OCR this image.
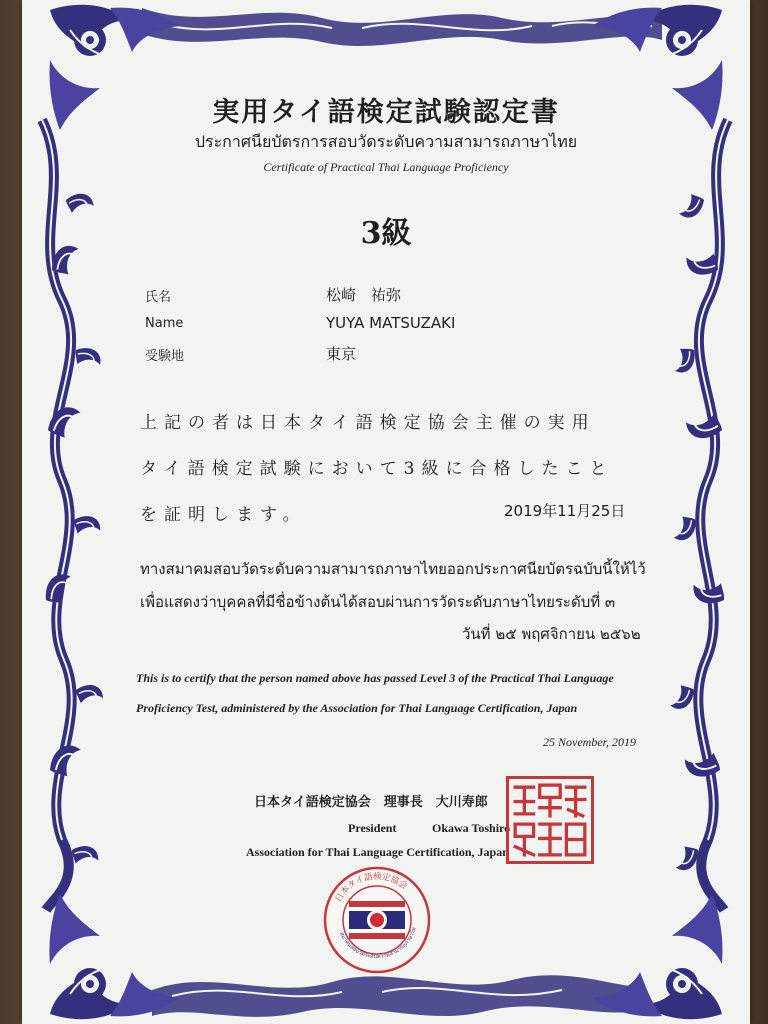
実用タイ語検定試験認定書
ประกาศนียบัตรการสอบวัดระดับความสามารถภาษาไทย
Certificate of Practical Thai Language Proficiency
3級
氏名	松崎　祐弥
Name	YUYA MATSUZAKI
受験地	東京
上記の者は日本タイ語検定協会主催の実用
タイ語検定試験において3級に合格したこと
を証明します。	2019年11月25日
ทางสมาคมสอบวัดระดับความสามารถภาษาไทยออกประกาศนียบัตรฉบับนี้ให้ไว้
เพื่อแสดงว่าบุคคลที่มีชื่อข้างต้นได้สอบผ่านการวัดระดับภาษาไทยระดับที่ ๓
วันที่ ๒๕ พฤศจิกายน ๒๕๖๒
This is to certify that the person named above has passed Level 3 of the Practical Thai Language
Proficiency Test, administered by the Association for Thai Language Certification, Japan
25 November, 2019
日本タイ語検定協会　理事長　大川寿郎
President	Okawa Toshiro
Association for Thai Language Certification, Japan
日本タイ語検定協会
สมาคมสอบวัดระดับความสามารถภาษาไท
